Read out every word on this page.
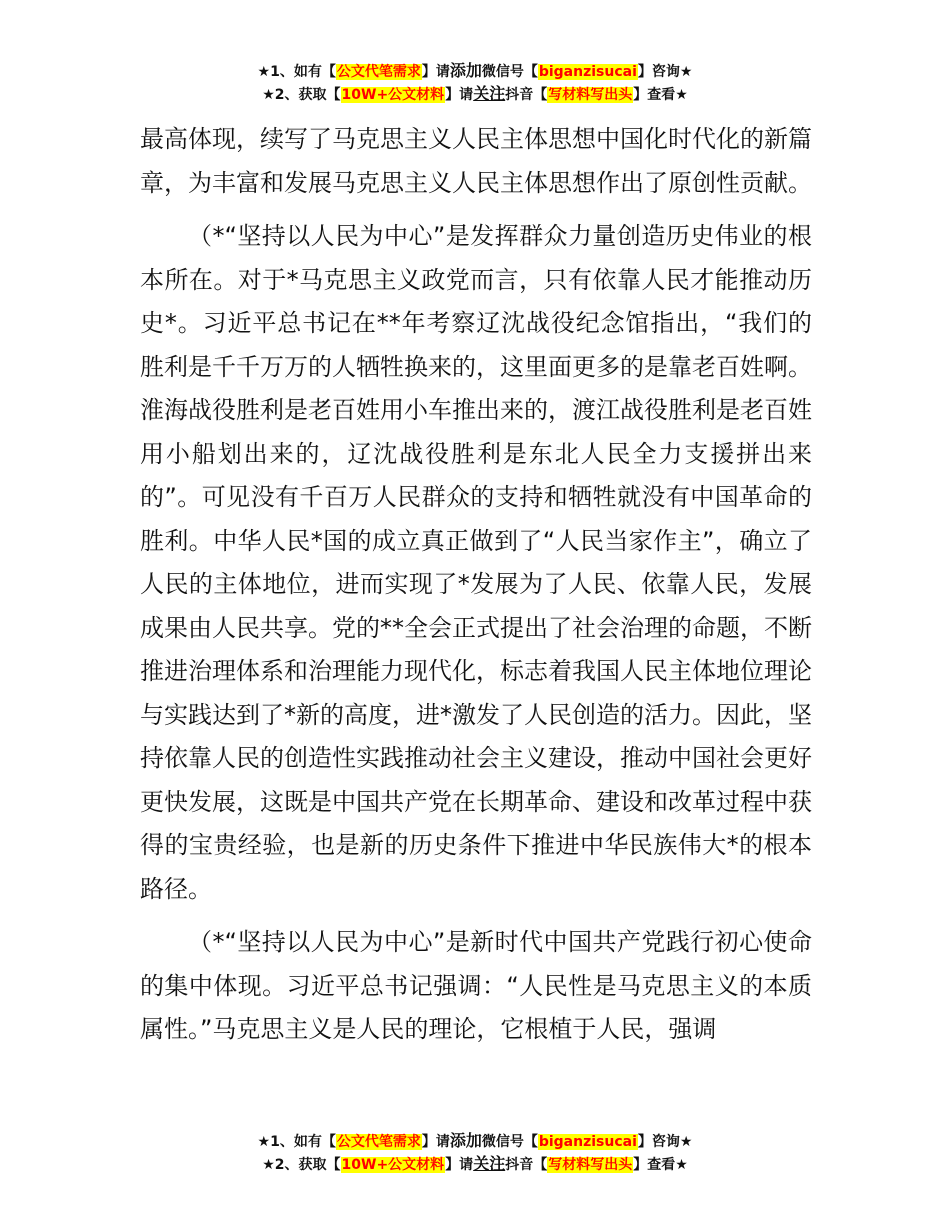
★1、如有【公文代笔需求】请添加微信号【biganzisucai】咨询★
★2、获取【10W+公文材料】请关注抖音【写材料写出头】查看★

最高体现，续写了马克思主义人民主体思想中国化时代化的新篇章，为丰富和发展马克思主义人民主体思想作出了原创性贡献。

（*“坚持以人民为中心”是发挥群众力量创造历史伟业的根本所在。对于*马克思主义政党而言，只有依靠人民才能推动历史*。习近平总书记在**年考察辽沈战役纪念馆指出，“我们的胜利是千千万万的人牺牲换来的，这里面更多的是靠老百姓啊。淮海战役胜利是老百姓用小车推出来的，渡江战役胜利是老百姓用小船划出来的，辽沈战役胜利是东北人民全力支援拼出来的”。可见没有千百万人民群众的支持和牺牲就没有中国革命的胜利。中华人民*国的成立真正做到了“人民当家作主”，确立了人民的主体地位，进而实现了*发展为了人民、依靠人民，发展成果由人民共享。党的**全会正式提出了社会治理的命题，不断推进治理体系和治理能力现代化，标志着我国人民主体地位理论与实践达到了*新的高度，进*激发了人民创造的活力。因此，坚持依靠人民的创造性实践推动社会主义建设，推动中国社会更好更快发展，这既是中国共产党在长期革命、建设和改革过程中获得的宝贵经验，也是新的历史条件下推进中华民族伟大*的根本路径。

（*“坚持以人民为中心”是新时代中国共产党践行初心使命的集中体现。习近平总书记强调：“人民性是马克思主义的本质属性。”马克思主义是人民的理论，它根植于人民，强调

★1、如有【公文代笔需求】请添加微信号【biganzisucai】咨询★
★2、获取【10W+公文材料】请关注抖音【写材料写出头】查看★
